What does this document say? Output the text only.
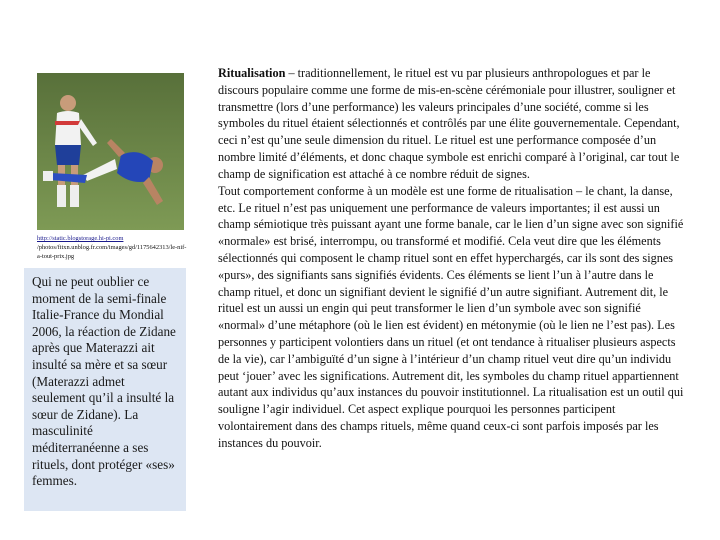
http://static.blogstorage.hi-pi.com
/photos/fitxn.unblog.fr.com/images/gd/1175642313/le-nif-a-tout-prix.jpg
Qui ne peut oublier ce moment de la semi-finale Italie-France du Mondial 2006, la réaction de Zidane après que Materazzi ait insulté sa mère et sa sœur (Materazzi admet seulement qu’il a insulté la sœur de Zidane). La masculinité méditerranéenne a ses rituels, dont protéger «ses» femmes.

Ritualisation – traditionnellement, le rituel est vu par plusieurs anthropologues et par le discours populaire comme une forme de mis-en-scène cérémoniale pour illustrer, souligner et transmettre (lors d’une performance) les valeurs principales d’une société, comme si les symboles du rituel étaient sélectionnés et contrôlés par une élite gouvernementale. Cependant, ceci n’est qu’une seule dimension du rituel. Le rituel est une performance composée d’un nombre limité d’éléments, et donc chaque symbole est enrichi comparé à l’original, car tout le champ de signification est attaché à ce nombre réduit de signes.

Tout comportement conforme à un modèle est une forme de ritualisation – le chant, la danse, etc. Le rituel n’est pas uniquement une performance de valeurs importantes; il est aussi un champ sémiotique très puissant ayant une forme banale, car le lien d’un signe avec son signifié «normale» est brisé, interrompu, ou transformé et modifié. Cela veut dire que les éléments sélectionnés qui composent le champ rituel sont en effet hyperchargés, car ils sont des signes «purs», des signifiants sans signifiés évidents. Ces éléments se lient l’un à l’autre dans le champ rituel, et donc un signifiant devient le signifié d’un autre signifiant. Autrement dit, le rituel est un aussi un engin qui peut transformer le lien d’un symbole avec son signifié «normal» d’une métaphore (où le lien est évident) en métonymie (où le lien ne l’est pas). Les personnes y participent volontiers dans un rituel (et ont tendance à ritualiser plusieurs aspects de la vie), car l’ambiguïté d’un signe à l’intérieur d’un champ rituel veut dire qu’un individu peut ‘jouer’ avec les significations. Autrement dit, les symboles du champ rituel appartiennent autant aux individus qu’aux instances du pouvoir institutionnel. La ritualisation est un outil qui souligne l’agir individuel. Cet aspect explique pourquoi les personnes participent volontairement dans des champs rituels, même quand ceux-ci sont parfois imposés par les instances du pouvoir.
